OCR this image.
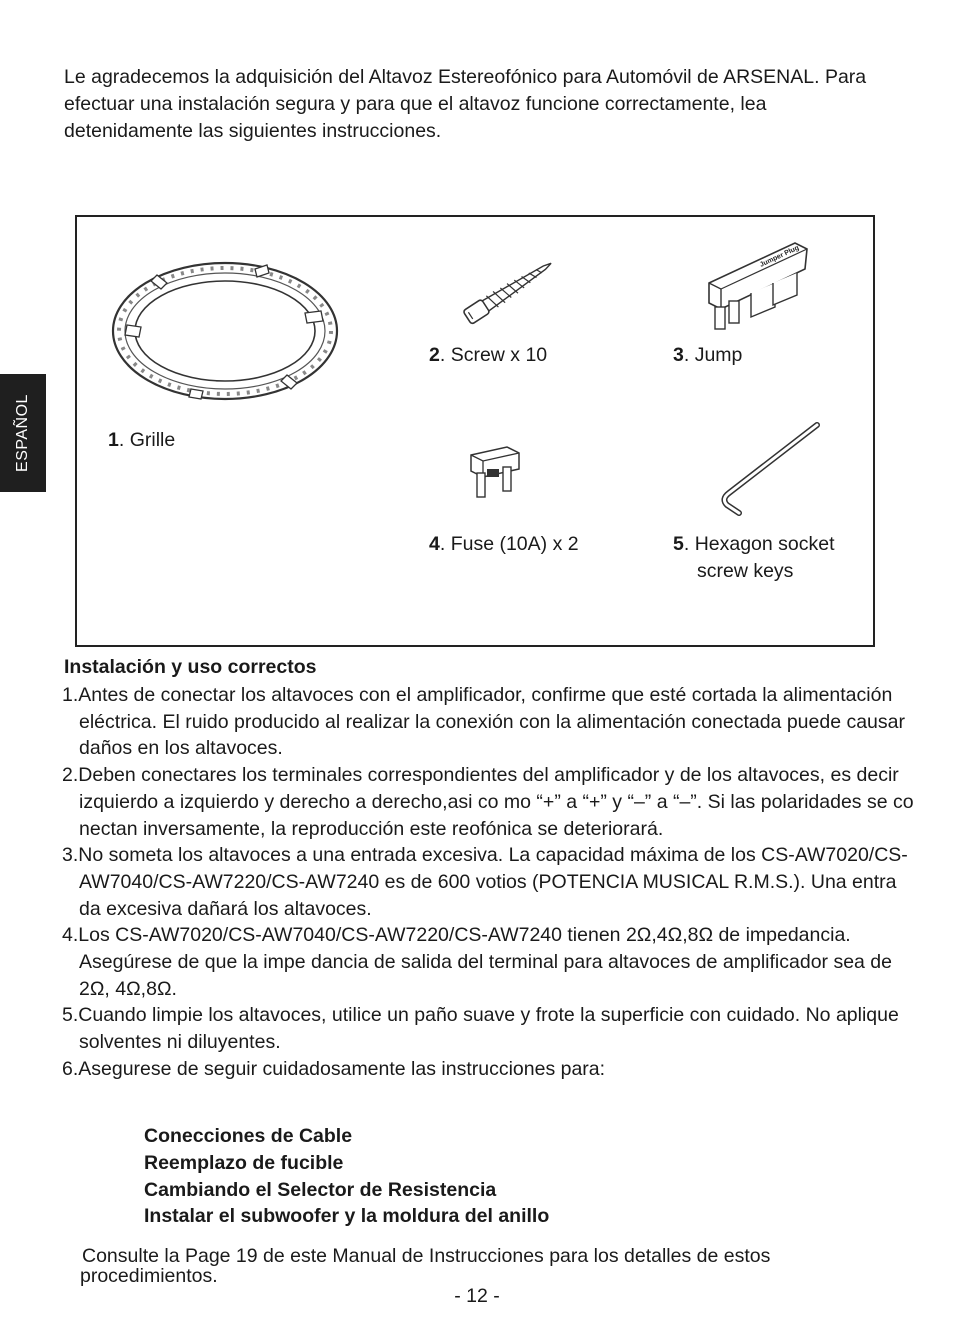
Le agradecemos la adquisición del Altavoz Estereofónico para Automóvil de ARSENAL. Para efectuar una instalación segura y para que el altavoz funcione correctamente, lea detenidamente las siguientes instrucciones.
ESPAÑOL	1. Grille
2. Screw x 10
Jumper Plug
3. Jump
4. Fuse (10A) x 2	5. Hexagon socket
screw keys
Instalación y uso correctos
1.Antes de conectar los altavoces con el amplificador, confirme que esté cortada la alimentación eléctrica. El ruido producido al realizar la conexión con la alimentación conectada puede causar daños en los altavoces.
2.Deben conectares los terminales correspondientes del amplificador y de los altavoces, es decir izquierdo a izquierdo y derecho a derecho,asi co mo “+” a “+” y “–” a “–”. Si las polaridades se co nectan inversamente, la reproducción este reofónica se deteriorará.
3.No someta los altavoces a una entrada excesiva. La capacidad máxima de los CS-AW7020/CS-AW7040/CS-AW7220/CS-AW7240 es de 600 votios (POTENCIA MUSICAL R.M.S.). Una entra da excesiva dañará los altavoces.
4.Los CS-AW7020/CS-AW7040/CS-AW7220/CS-AW7240 tienen 2Ω,4Ω,8Ω de impedancia. Asegúrese de que la impe dancia de salida del terminal para altavoces de amplificador sea de 2Ω, 4Ω,8Ω.
5.Cuando limpie los altavoces, utilice un paño suave y frote la superficie con cuidado. No aplique solventes ni diluyentes.
6.Asegurese de seguir cuidadosamente las instrucciones para:
Conecciones de Cable
Reemplazo de fucible
Cambiando el Selector de Resistencia
Instalar el subwoofer y la moldura del anillo
Consulte la Page 19 de este Manual de Instrucciones para los detalles de estos procedimientos.
- 12 -
